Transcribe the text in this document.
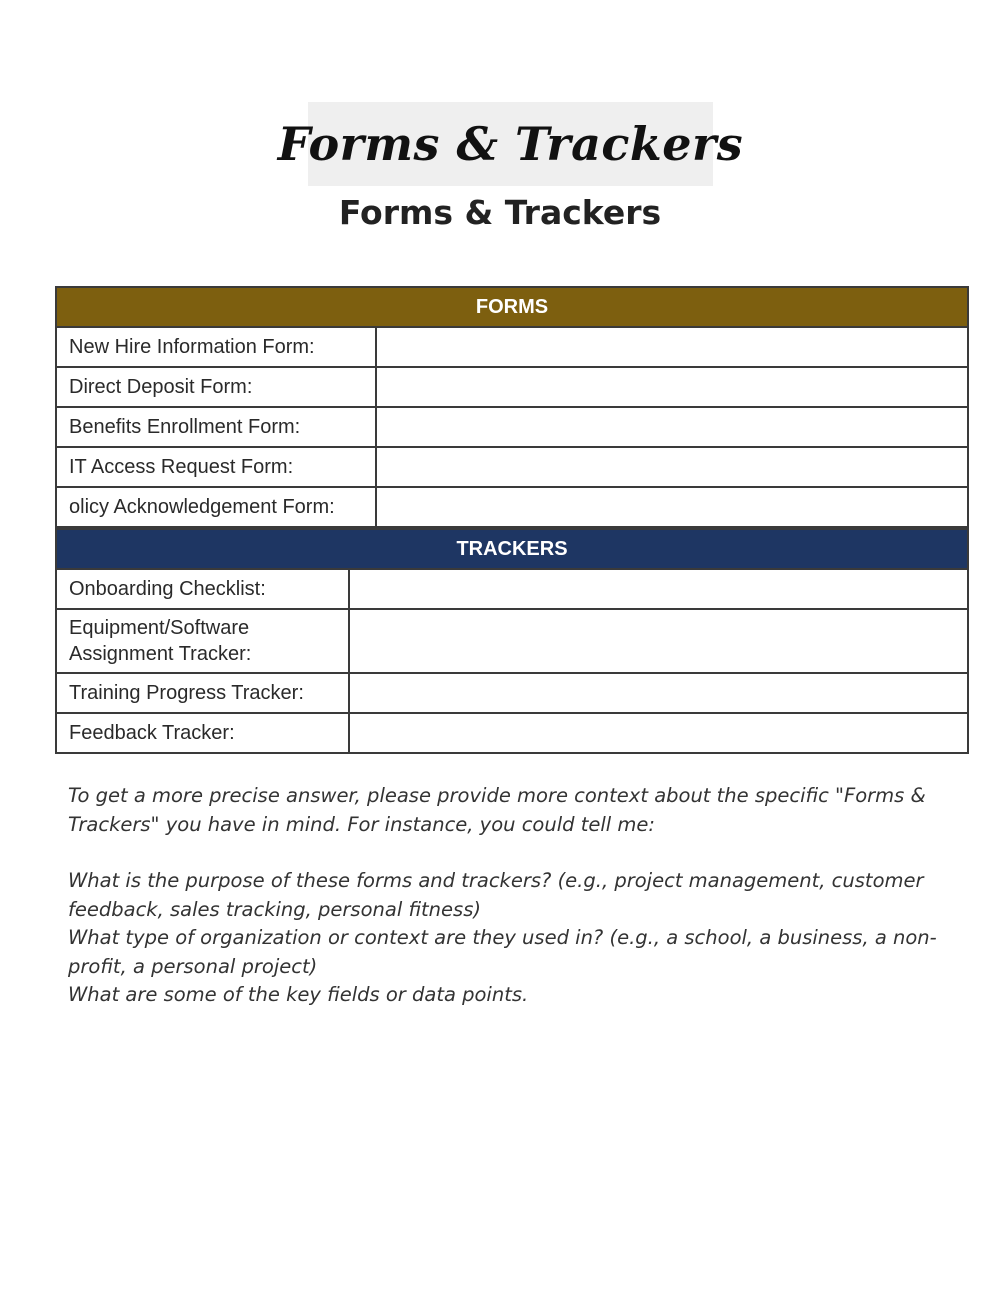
Forms & Trackers
Forms & Trackers
FORMS	
New Hire Information Form:	
Direct Deposit Form:	
Benefits Enrollment Form:	
IT Access Request Form:	
olicy Acknowledgement Form:	
TRACKERS	
Onboarding Checklist:	
Equipment/Software Assignment Tracker:	
Training Progress Tracker:	
Feedback Tracker:	

To get a more precise answer, please provide more context about the specific "Forms & Trackers" you have in mind. For instance, you could tell me:

What is the purpose of these forms and trackers? (e.g., project management, customer feedback, sales tracking, personal fitness)

What type of organization or context are they used in? (e.g., a school, a business, a non-profit, a personal project)

What are some of the key fields or data points.
